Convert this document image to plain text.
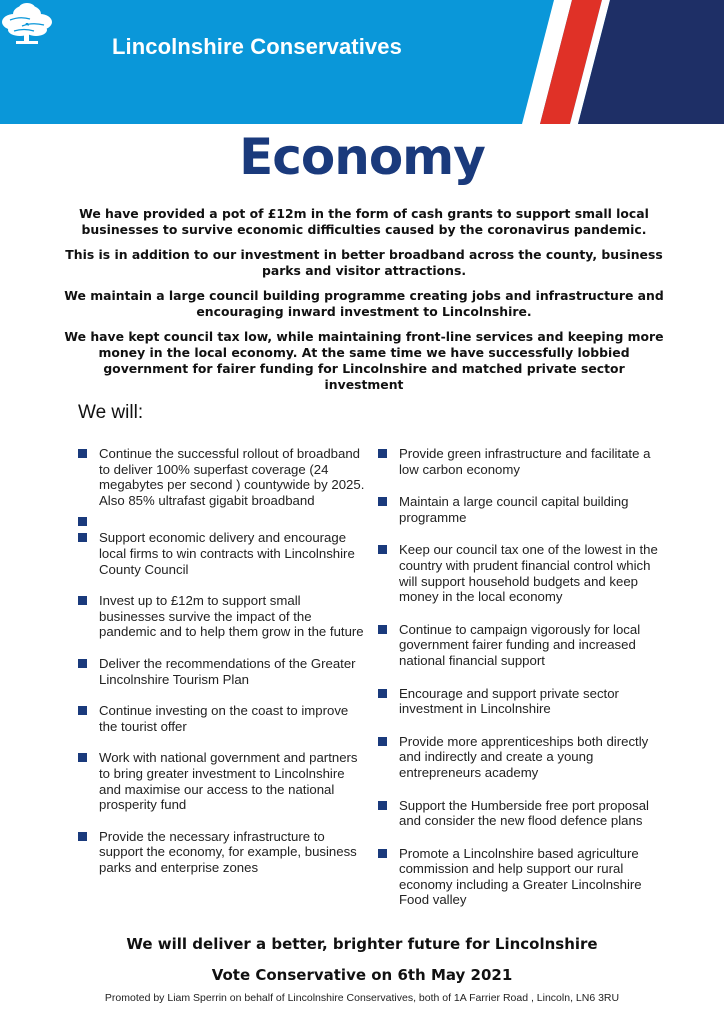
Lincolnshire Conservatives
Economy

We have provided a pot of £12m in the form of cash grants to support small local businesses to survive economic difficulties caused by the coronavirus pandemic.

This is in addition to our investment in better broadband across the county, business parks and visitor attractions.

We maintain a large council building programme creating jobs and infrastructure and encouraging inward investment to Lincolnshire.

We have kept council tax low, while maintaining front-line services and keeping more money in the local economy. At the same time we have successfully lobbied government for fairer funding for Lincolnshire and matched private sector investment

We will:
Continue the successful rollout of broadband to deliver 100% superfast coverage (24 megabytes per second ) countywide by 2025. Also 85% ultrafast gigabit broadband
Support economic delivery and encourage local firms to win contracts with Lincolnshire County Council
Invest up to £12m to support small businesses survive the impact of the pandemic and to help them grow in the future
Deliver the recommendations of the Greater Lincolnshire Tourism Plan
Continue investing on the coast to improve the tourist offer
Work with national government and partners to bring greater investment to Lincolnshire and maximise our access to the national prosperity fund
Provide the necessary infrastructure to support the economy, for example, business parks and enterprise zones
Provide green infrastructure and facilitate a low carbon economy
Maintain a large council capital building programme
Keep our council tax one of the lowest in the country with prudent financial control which will support household budgets and keep money in the local economy
Continue to campaign vigorously for local government fairer funding and increased national financial support
Encourage and support private sector investment in Lincolnshire
Provide more apprenticeships both directly and indirectly and create a young entrepreneurs academy
Support the Humberside free port proposal and consider the new flood defence plans
Promote a Lincolnshire based agriculture commission and help support our rural economy including a Greater Lincolnshire Food valley
We will deliver a better, brighter future for Lincolnshire
Vote Conservative on 6th May 2021
Promoted by Liam Sperrin on behalf of Lincolnshire Conservatives, both of 1A Farrier Road , Lincoln, LN6 3RU
